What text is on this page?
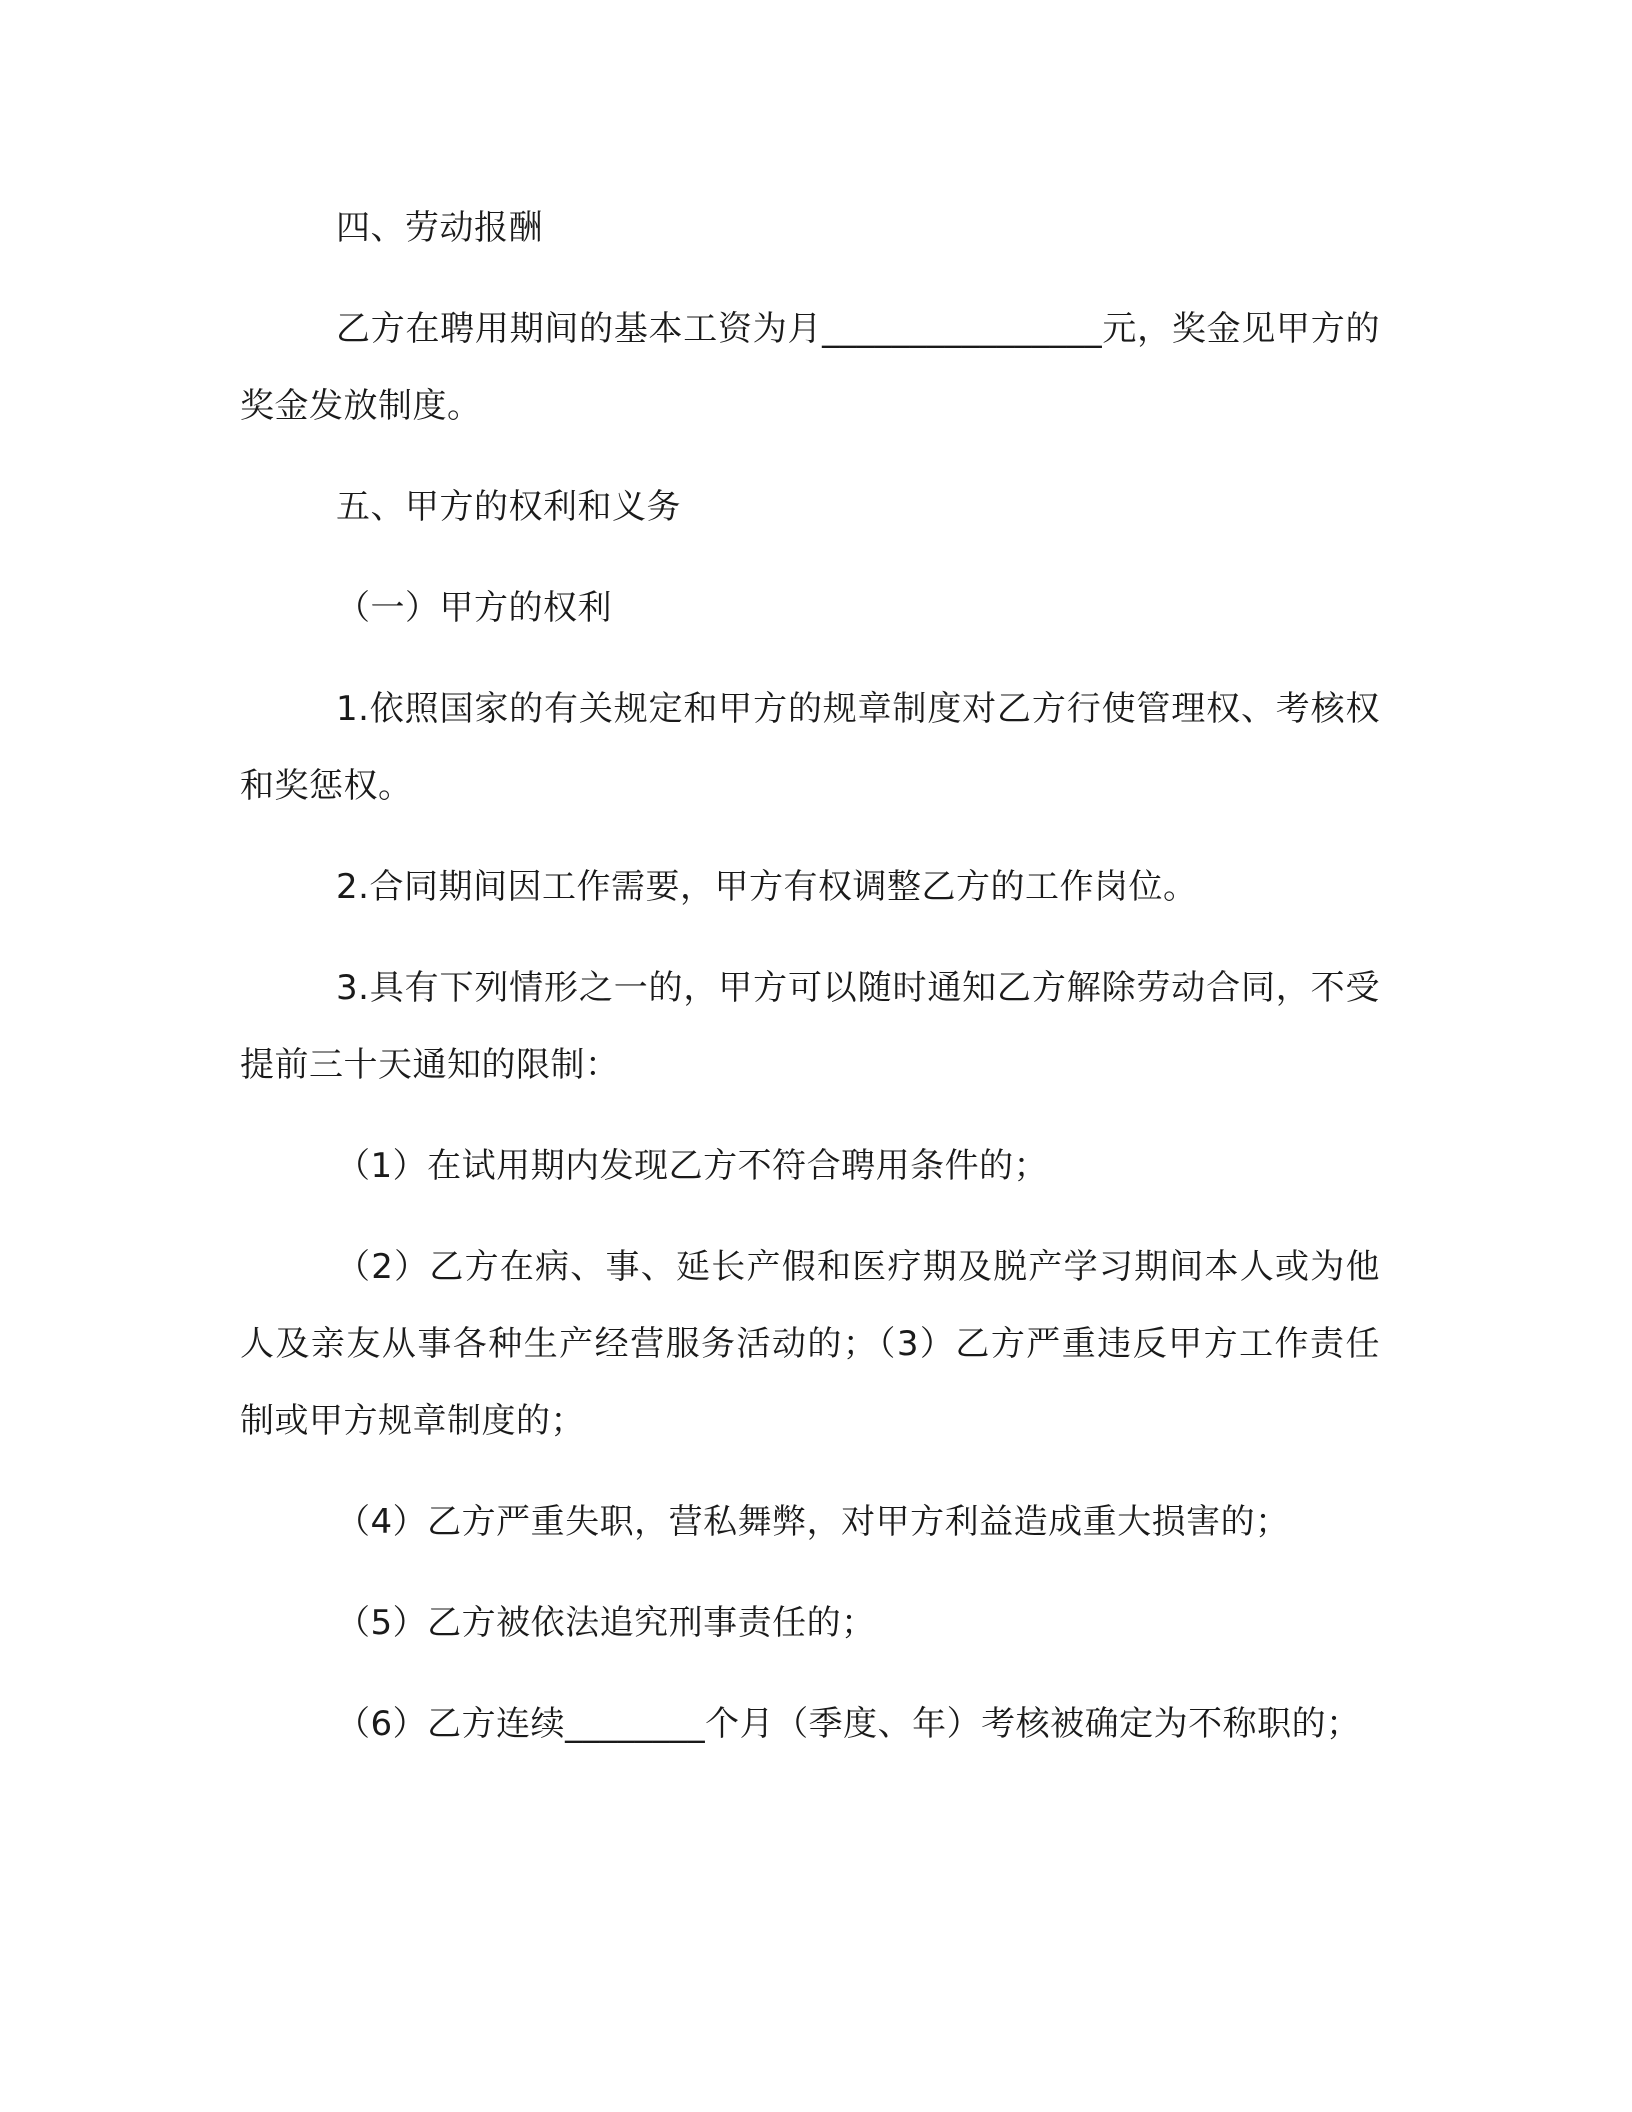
四、劳动报酬

乙方在聘用期间的基本工资为月________________元，奖金见甲方的奖金发放制度。

五、甲方的权利和义务

（一）甲方的权利

1.依照国家的有关规定和甲方的规章制度对乙方行使管理权、考核权和奖惩权。

2.合同期间因工作需要，甲方有权调整乙方的工作岗位。

3.具有下列情形之一的，甲方可以随时通知乙方解除劳动合同，不受提前三十天通知的限制：

（1）在试用期内发现乙方不符合聘用条件的；

（2）乙方在病、事、延长产假和医疗期及脱产学习期间本人或为他人及亲友从事各种生产经营服务活动的；（3）乙方严重违反甲方工作责任制或甲方规章制度的；

（4）乙方严重失职，营私舞弊，对甲方利益造成重大损害的；

（5）乙方被依法追究刑事责任的；

（6）乙方连续________个月（季度、年）考核被确定为不称职的；
